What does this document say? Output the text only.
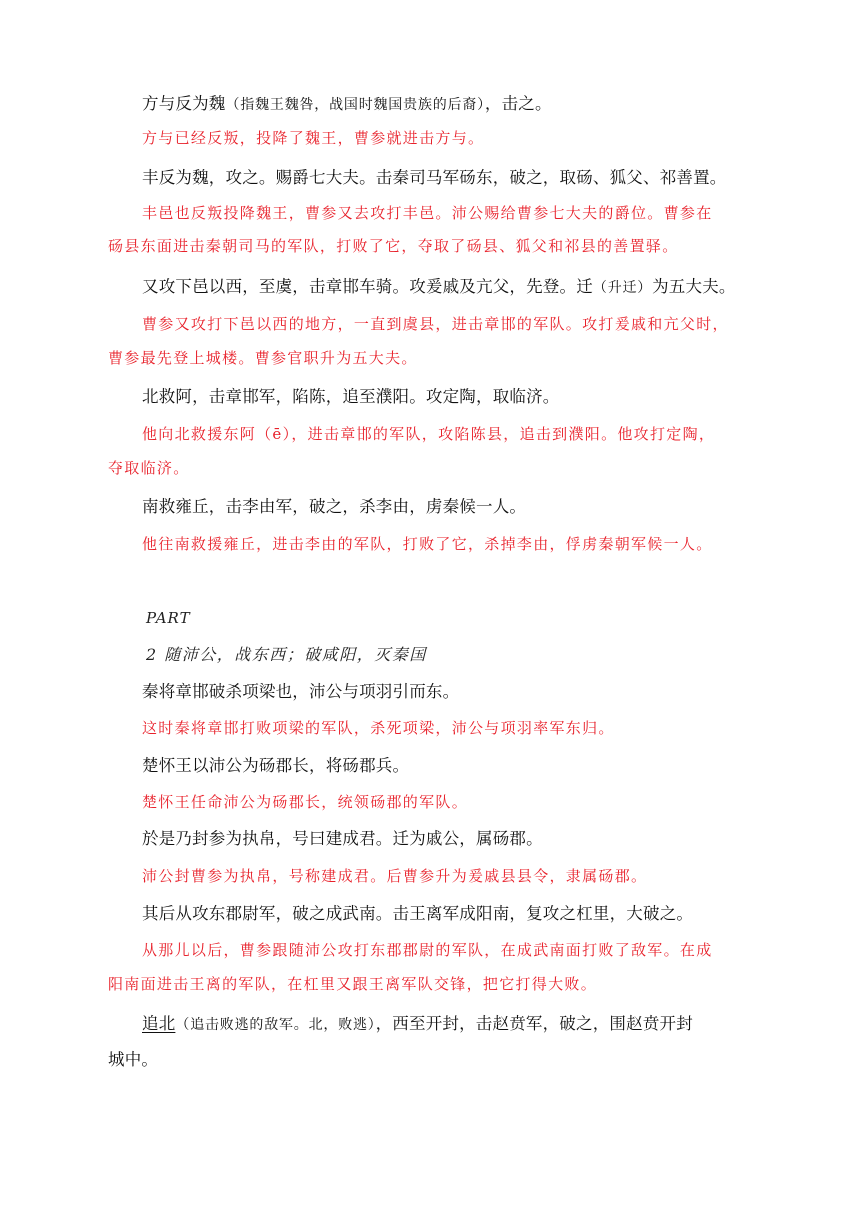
方与反为魏（指魏王魏咎，战国时魏国贵族的后裔），击之。
方与已经反叛，投降了魏王，曹参就进击方与。
丰反为魏，攻之。赐爵七大夫。击秦司马军砀东，破之，取砀、狐父、祁善置。
丰邑也反叛投降魏王，曹参又去攻打丰邑。沛公赐给曹参七大夫的爵位。曹参在
砀县东面进击秦朝司马的军队，打败了它，夺取了砀县、狐父和祁县的善置驿。
又攻下邑以西，至虞，击章邯车骑。攻爰戚及亢父，先登。迁（升迁）为五大夫。
曹参又攻打下邑以西的地方，一直到虞县，进击章邯的军队。攻打爰戚和亢父时，
曹参最先登上城楼。曹参官职升为五大夫。
北救阿，击章邯军，陷陈，追至濮阳。攻定陶，取临济。
他向北救援东阿（ē），进击章邯的军队，攻陷陈县，追击到濮阳。他攻打定陶，
夺取临济。
南救雍丘，击李由军，破之，杀李由，虏秦候一人。
他往南救援雍丘，进击李由的军队，打败了它，杀掉李由，俘虏秦朝军候一人。
PART
2 随沛公，战东西；破咸阳，灭秦国
秦将章邯破杀项梁也，沛公与项羽引而东。
这时秦将章邯打败项梁的军队，杀死项梁，沛公与项羽率军东归。
楚怀王以沛公为砀郡长，将砀郡兵。
楚怀王任命沛公为砀郡长，统领砀郡的军队。
於是乃封参为执帛，号曰建成君。迁为戚公，属砀郡。
沛公封曹参为执帛，号称建成君。后曹参升为爰戚县县令，隶属砀郡。
其后从攻东郡尉军，破之成武南。击王离军成阳南，复攻之杠里，大破之。
从那儿以后，曹参跟随沛公攻打东郡郡尉的军队，在成武南面打败了敌军。在成
阳南面进击王离的军队，在杠里又跟王离军队交锋，把它打得大败。
追北（追击败逃的敌军。北，败逃），西至开封，击赵贲军，破之，围赵贲开封
城中。
